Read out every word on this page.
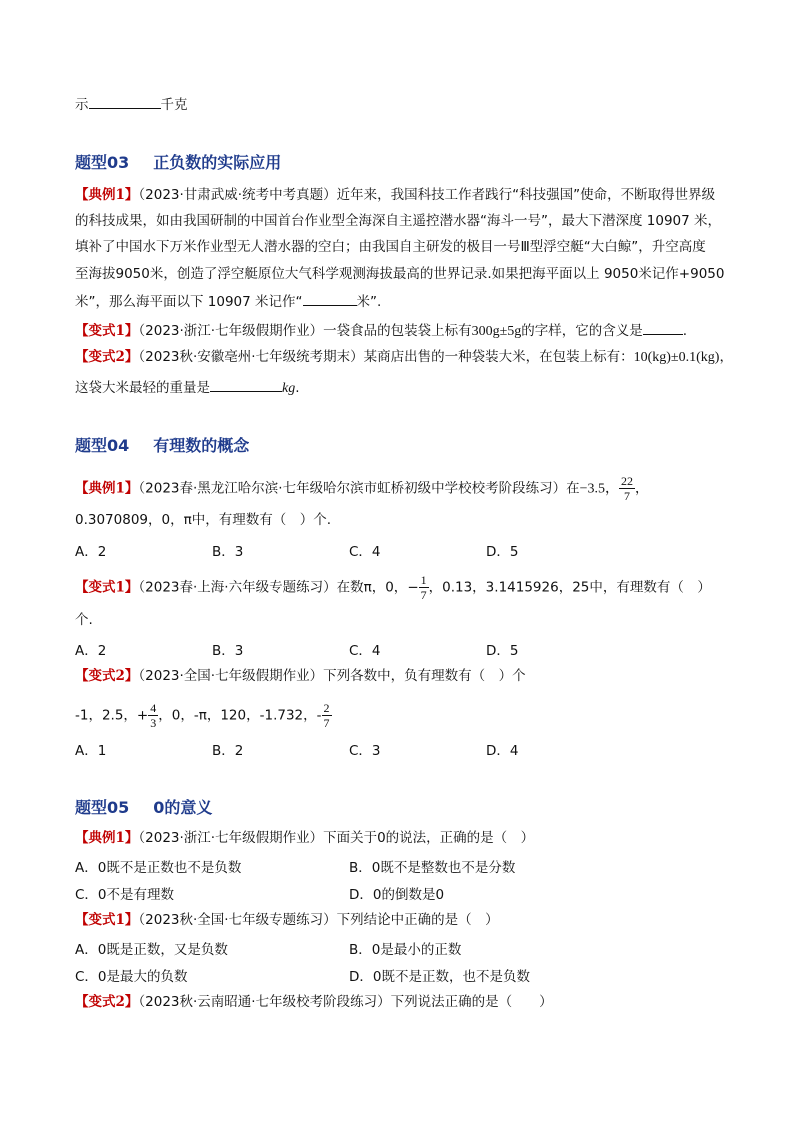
示	千克
题型03 正负数的实际应用
【典例1】（2023·甘肃武威·统考中考真题）近年来，我国科技工作者践行“科技强国”使命，不断取得世界级
的科技成果，如由我国研制的中国首台作业型全海深自主遥控潜水器“海斗一号”，最大下潜深度 10907 米，
填补了中国水下万米作业型无人潜水器的空白；由我国自主研发的极目一号Ⅲ型浮空艇“大白鲸”，升空高度
至海拔9050米，创造了浮空艇原位大气科学观测海拔最高的世界记录.如果把海平面以上 9050米记作+9050
米”，那么海平面以下 10907 米记作“	米”.
【变式1】（2023·浙江·七年级假期作业）一袋食品的包装袋上标有300g±5g的字样，它的含义是	.
【变式2】（2023秋·安徽亳州·七年级统考期末）某商店出售的一种袋装大米，在包装上标有：10(kg)±0.1(kg)，
这袋大米最轻的重量是	kg.
题型04 有理数的概念
【典例1】（2023春·黑龙江哈尔滨·七年级哈尔滨市虹桥初级中学校校考阶段练习）在−3.5， $\frac{22}{7}$ ，
0.3070809，0，π中，有理数有（　）个.
A．2	B．3	C．4	D．5
【变式1】（2023春·上海·六年级专题练习）在数π，0，− $\frac{1}{7}$ ，0.13，3.1415926，25中，有理数有（　）
个.
A．2	B．3	C．4	D．5
【变式2】（2023·全国·七年级假期作业）下列各数中，负有理数有（　）个
-1，2.5，+ $\frac{4}{3}$ ，0，-π，120，-1.732，- $\frac{2}{7}$
A．1	B．2	C．3	D．4
题型05 0的意义
【典例1】（2023·浙江·七年级假期作业）下面关于0的说法，正确的是（　）
A．0既不是正数也不是负数	B．0既不是整数也不是分数
C．0不是有理数	D．0的倒数是0
【变式1】（2023秋·全国·七年级专题练习）下列结论中正确的是（　）
A．0既是正数，又是负数	B．0是最小的正数
C．0是最大的负数	D．0既不是正数，也不是负数
【变式2】（2023秋·云南昭通·七年级校考阶段练习）下列说法正确的是（　　）
